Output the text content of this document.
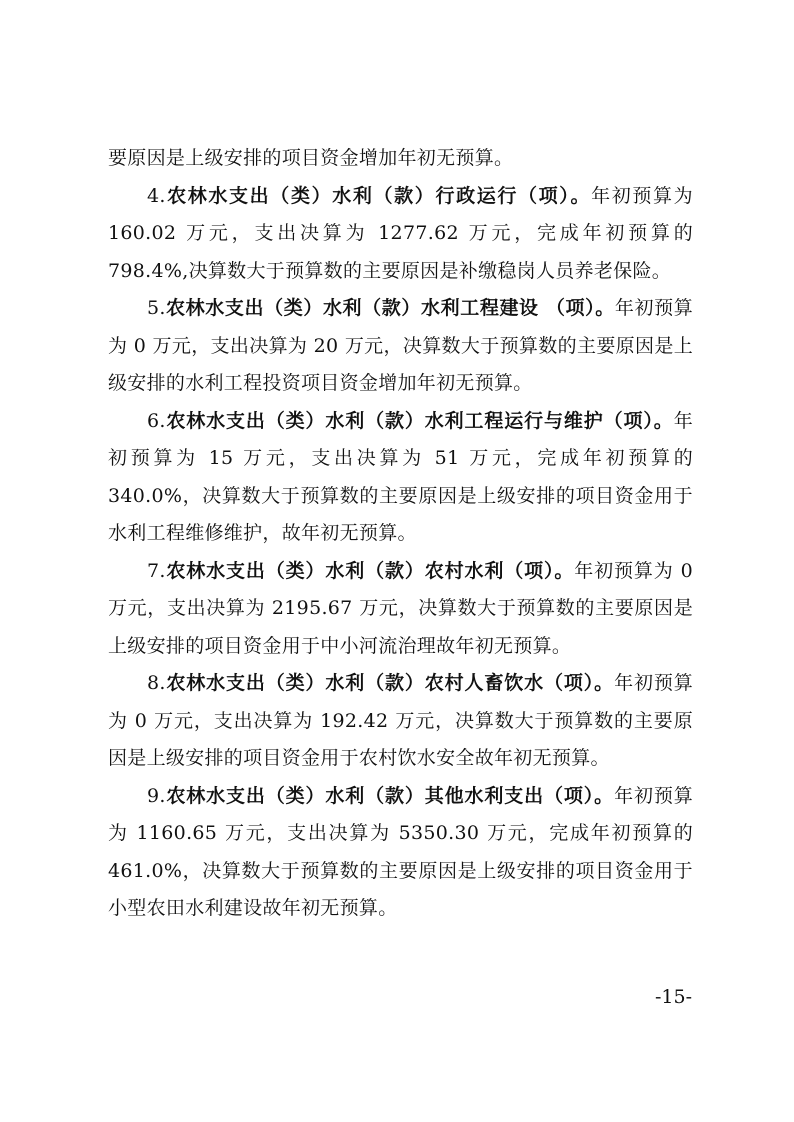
要原因是上级安排的项目资金增加年初无预算。

4.农林水支出（类）水利（款）行政运行（项）。年初预算为 160.02 万元，支出决算为 1277.62 万元，完成年初预算的 798.4%,决算数大于预算数的主要原因是补缴稳岗人员养老保险。

5.农林水支出（类）水利（款）水利工程建设 （项）。年初预算为 0 万元，支出决算为 20 万元，决算数大于预算数的主要原因是上级安排的水利工程投资项目资金增加年初无预算。

6.农林水支出（类）水利（款）水利工程运行与维护（项）。年初预算为 15 万元，支出决算为 51 万元，完成年初预算的 340.0%，决算数大于预算数的主要原因是上级安排的项目资金用于水利工程维修维护，故年初无预算。

7.农林水支出（类）水利（款）农村水利（项）。年初预算为 0 万元，支出决算为 2195.67 万元，决算数大于预算数的主要原因是上级安排的项目资金用于中小河流治理故年初无预算。

8.农林水支出（类）水利（款）农村人畜饮水（项）。年初预算为 0 万元，支出决算为 192.42 万元，决算数大于预算数的主要原因是上级安排的项目资金用于农村饮水安全故年初无预算。

9.农林水支出（类）水利（款）其他水利支出（项）。年初预算为 1160.65 万元，支出决算为 5350.30 万元，完成年初预算的 461.0%，决算数大于预算数的主要原因是上级安排的项目资金用于小型农田水利建设故年初无预算。

-15-
